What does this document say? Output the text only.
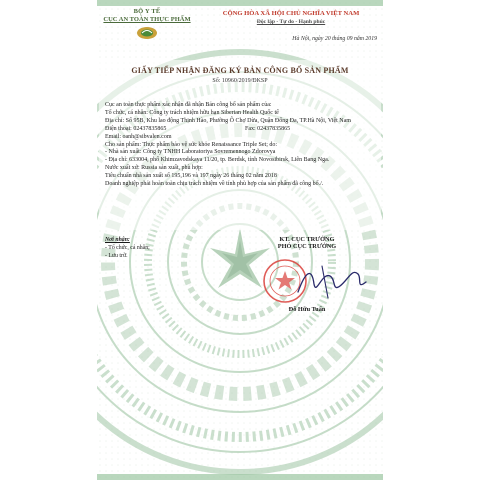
BỘ Y TẾ
CỤC AN TOÀN THỰC PHẨM
CỘNG HÒA XÃ HỘI CHỦ NGHĨA VIỆT NAM
Độc lập - Tự do - Hạnh phúc
Hà Nội, ngày 20 tháng 09 năm 2019
GIẤY TIẾP NHẬN ĐĂNG KÝ BẢN CÔNG BỐ SẢN PHẨM
Số: 10960/2019/ĐKSP

Cục an toàn thực phẩm xác nhận đã nhận Bản công bố sản phẩm của:

Tổ chức, cá nhân: Công ty trách nhiệm hữu hạn Siberian Health Quốc tế

Địa chỉ: Số 95B, Khu lao động Thịnh Hào, Phường Ô Chợ Dừa, Quận Đống Đa, TP.Hà Nội, Việt Nam

Điện thoại: 02437835865	Fax: 02437835865

Email: oanh@sibvalen.com

Cho sản phẩm: Thực phẩm bảo vệ sức khỏe Renaissance Triple Set; do:

- Nhà sản xuất: Công ty TNHH Laboratoriya Sovremennogo Zdorovya

- Địa chỉ: 633004, phố Khimzavodskaya 11/20, tp. Berdsk, tỉnh Novosibirsk, Liên Bang Nga.

Nước xuất xứ: Russia sản xuất, phù hợp:

Tiêu chuẩn nhà sản xuất số 195,196 và 197 ngày 26 tháng 02 năm 2018

Doanh nghiệp phải hoàn toàn chịu trách nhiệm về tính phù hợp của sản phẩm đã công bố./.

Nơi nhận:
- Tổ chức, cá nhân;
- Lưu trữ.
KT. CỤC TRƯỞNG
PHÓ CỤC TRƯỞNG
Đỗ Hữu Tuấn
